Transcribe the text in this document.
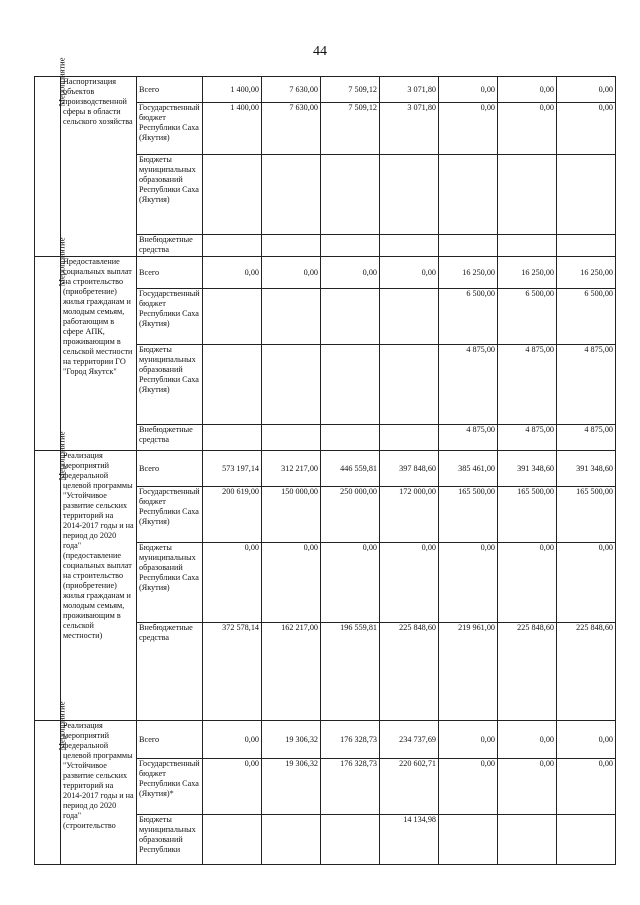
44
Мероприятие	Паспортизация объектов производственной сферы в области сельского хозяйства	Всего	1 400,00	7 630,00	7 509,12	3 071,80	0,00	0,00	0,00
		Государственный бюджет Республики Саха (Якутия)	1 400,00	7 630,00	7 509,12	3 071,80	0,00	0,00	0,00
		Бюджеты муниципальных образований Республики Саха (Якутия)							
		Внебюджетные средства							
Мероприятие	Предоставление социальных выплат на строительство (приобретение) жилья гражданам и молодым семьям, работающим в сфере АПК, проживающим в сельской местности на территории ГО "Город Якутск"	Всего	0,00	0,00	0,00	0,00	16 250,00	16 250,00	16 250,00
		Государственный бюджет Республики Саха (Якутия)					6 500,00	6 500,00	6 500,00
		Бюджеты муниципальных образований Республики Саха (Якутия)					4 875,00	4 875,00	4 875,00
		Внебюджетные средства					4 875,00	4 875,00	4 875,00
Мероприятие	Реализация мероприятий федеральной целевой программы "Устойчивое развитие сельских территорий на 2014-2017 годы и на период до 2020 года" (предоставление социальных выплат на строительство (приобретение) жилья гражданам и молодым семьям, проживающим в сельской местности)	Всего	573 197,14	312 217,00	446 559,81	397 848,60	385 461,00	391 348,60	391 348,60
		Государственный бюджет Республики Саха (Якутия)	200 619,00	150 000,00	250 000,00	172 000,00	165 500,00	165 500,00	165 500,00
		Бюджеты муниципальных образований Республики Саха (Якутия)	0,00	0,00	0,00	0,00	0,00	0,00	0,00
		Внебюджетные средства	372 578,14	162 217,00	196 559,81	225 848,60	219 961,00	225 848,60	225 848,60
Мероприятие	Реализация мероприятий федеральной целевой программы "Устойчивое развитие сельских территорий на 2014-2017 годы и на период до 2020 года" (строительство	Всего	0,00	19 306,32	176 328,73	234 737,69	0,00	0,00	0,00
		Государственный бюджет Республики Саха (Якутия)*	0,00	19 306,32	176 328,73	220 602,71	0,00	0,00	0,00
		Бюджеты муниципальных образований Республики				14 134,98			
